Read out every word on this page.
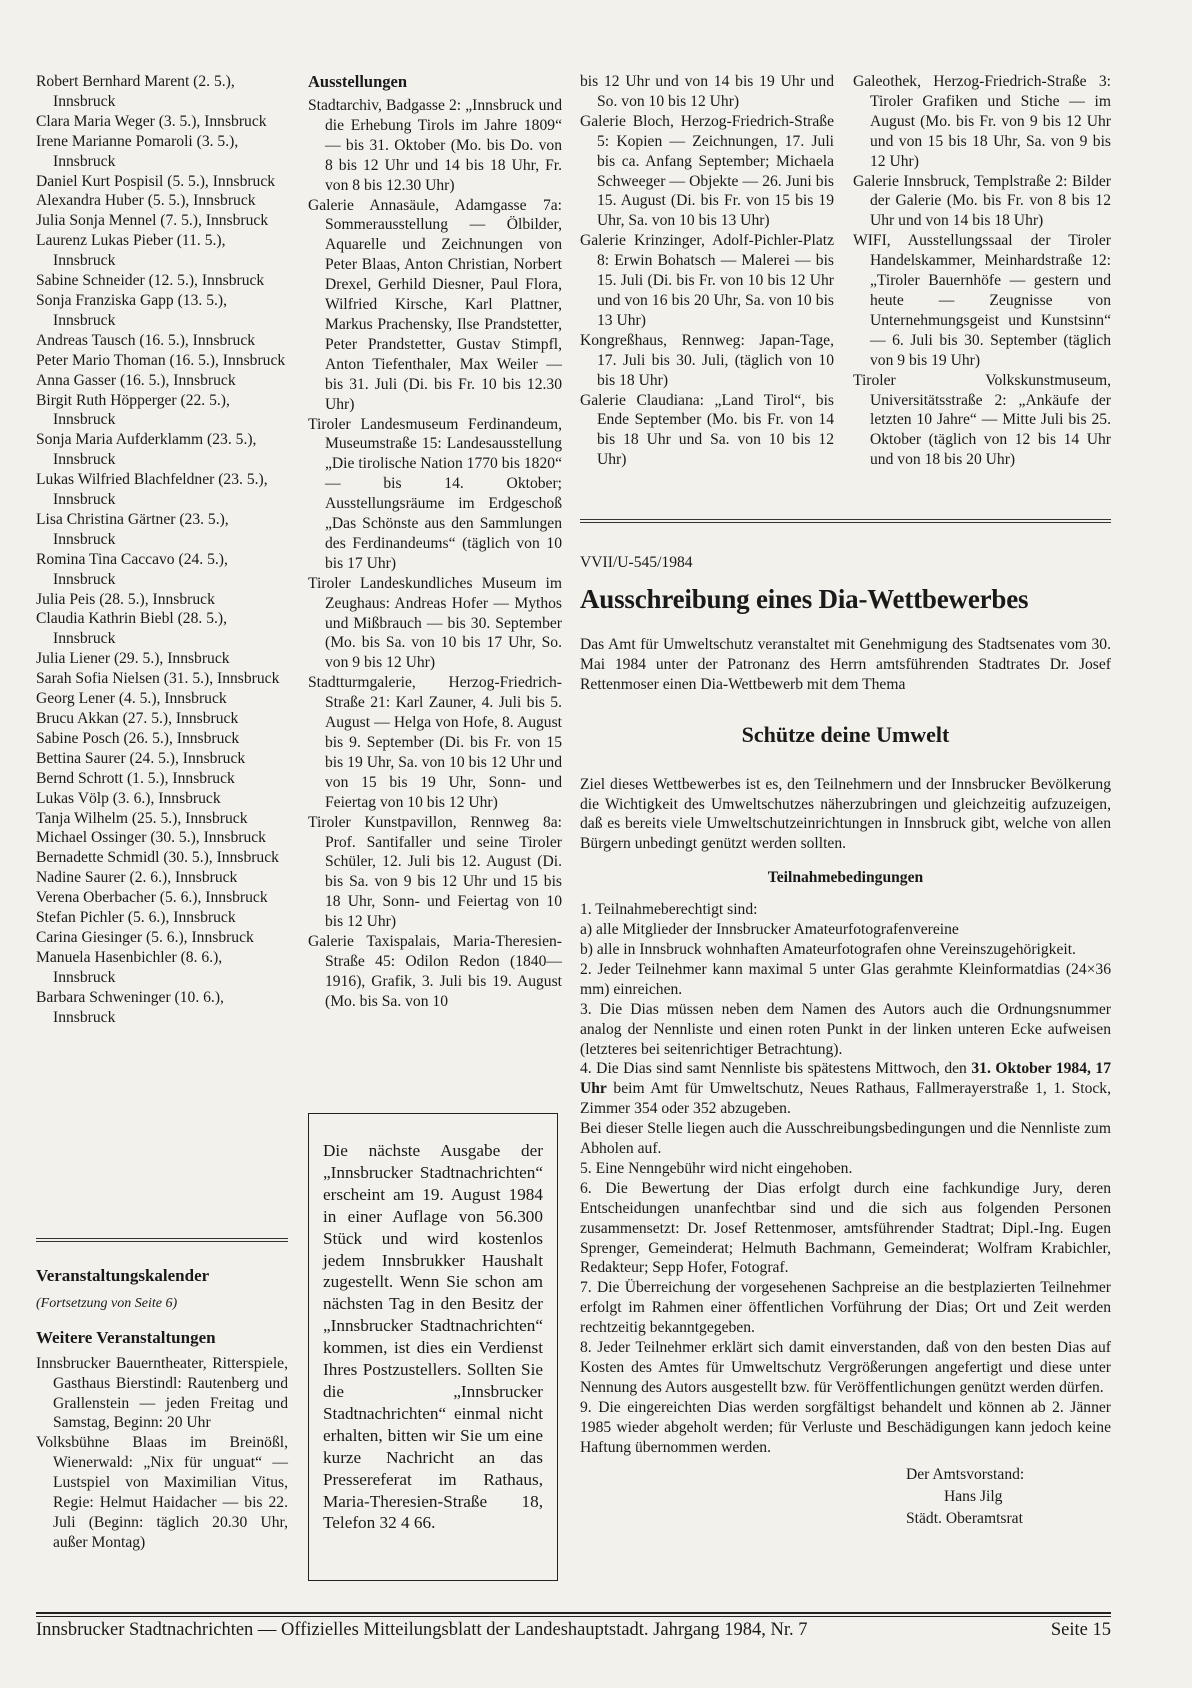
Robert Bernhard Marent (2. 5.), Innsbruck

Clara Maria Weger (3. 5.), Innsbruck

Irene Marianne Pomaroli (3. 5.), Innsbruck

Daniel Kurt Pospisil (5. 5.), Innsbruck

Alexandra Huber (5. 5.), Innsbruck

Julia Sonja Mennel (7. 5.), Innsbruck

Laurenz Lukas Pieber (11. 5.), Innsbruck

Sabine Schneider (12. 5.), Innsbruck

Sonja Franziska Gapp (13. 5.), Innsbruck

Andreas Tausch (16. 5.), Innsbruck

Peter Mario Thoman (16. 5.), Innsbruck

Anna Gasser (16. 5.), Innsbruck

Birgit Ruth Höpperger (22. 5.), Innsbruck

Sonja Maria Aufderklamm (23. 5.), Innsbruck

Lukas Wilfried Blachfeldner (23. 5.), Innsbruck

Lisa Christina Gärtner (23. 5.), Innsbruck

Romina Tina Caccavo (24. 5.), Innsbruck

Julia Peis (28. 5.), Innsbruck

Claudia Kathrin Biebl (28. 5.), Innsbruck

Julia Liener (29. 5.), Innsbruck

Sarah Sofia Nielsen (31. 5.), Innsbruck

Georg Lener (4. 5.), Innsbruck

Brucu Akkan (27. 5.), Innsbruck

Sabine Posch (26. 5.), Innsbruck

Bettina Saurer (24. 5.), Innsbruck

Bernd Schrott (1. 5.), Innsbruck

Lukas Völp (3. 6.), Innsbruck

Tanja Wilhelm (25. 5.), Innsbruck

Michael Ossinger (30. 5.), Innsbruck

Bernadette Schmidl (30. 5.), Innsbruck

Nadine Saurer (2. 6.), Innsbruck

Verena Oberbacher (5. 6.), Innsbruck

Stefan Pichler (5. 6.), Innsbruck

Carina Giesinger (5. 6.), Innsbruck

Manuela Hasenbichler (8. 6.), Innsbruck

Barbara Schweninger (10. 6.), Innsbruck

Veranstaltungskalender

(Fortsetzung von Seite 6)

Weitere Veranstaltungen

Innsbrucker Bauerntheater, Ritterspiele, Gasthaus Bierstindl: Rautenberg und Grallenstein — jeden Freitag und Samstag, Beginn: 20 Uhr

Volksbühne Blaas im Breinößl, Wienerwald: „Nix für unguat“ — Lustspiel von Maximilian Vitus, Regie: Helmut Haidacher — bis 22. Juli (Beginn: täglich 20.30 Uhr, außer Montag)

Ausstellungen

Stadtarchiv, Badgasse 2: „Innsbruck und die Erhebung Tirols im Jahre 1809“ — bis 31. Oktober (Mo. bis Do. von 8 bis 12 Uhr und 14 bis 18 Uhr, Fr. von 8 bis 12.30 Uhr)

Galerie Annasäule, Adamgasse 7a: Sommerausstellung — Ölbilder, Aquarelle und Zeichnungen von Peter Blaas, Anton Christian, Norbert Drexel, Gerhild Diesner, Paul Flora, Wilfried Kirsche, Karl Plattner, Markus Prachensky, Ilse Prandstetter, Peter Prandstetter, Gustav Stimpfl, Anton Tiefenthaler, Max Weiler — bis 31. Juli (Di. bis Fr. 10 bis 12.30 Uhr)

Tiroler Landesmuseum Ferdinandeum, Museumstraße 15: Landesausstellung „Die tirolische Nation 1770 bis 1820“ — bis 14. Oktober; Ausstellungsräume im Erdgeschoß „Das Schönste aus den Sammlungen des Ferdinandeums“ (täglich von 10 bis 17 Uhr)

Tiroler Landeskundliches Museum im Zeughaus: Andreas Hofer — Mythos und Mißbrauch — bis 30. September (Mo. bis Sa. von 10 bis 17 Uhr, So. von 9 bis 12 Uhr)

Stadtturmgalerie, Herzog-Friedrich-Straße 21: Karl Zauner, 4. Juli bis 5. August — Helga von Hofe, 8. August bis 9. September (Di. bis Fr. von 15 bis 19 Uhr, Sa. von 10 bis 12 Uhr und von 15 bis 19 Uhr, Sonn- und Feiertag von 10 bis 12 Uhr)

Tiroler Kunstpavillon, Rennweg 8a: Prof. Santifaller und seine Tiroler Schüler, 12. Juli bis 12. August (Di. bis Sa. von 9 bis 12 Uhr und 15 bis 18 Uhr, Sonn- und Feiertag von 10 bis 12 Uhr)

Galerie Taxispalais, Maria-Theresien-Straße 45: Odilon Redon (1840—1916), Grafik, 3. Juli bis 19. August (Mo. bis Sa. von 10

Die nächste Ausgabe der „Innsbrucker Stadtnachrichten“ erscheint am 19. August 1984 in einer Auflage von 56.300 Stück und wird kostenlos jedem Innsbrukker Haushalt zugestellt. Wenn Sie schon am nächsten Tag in den Besitz der „Innsbrucker Stadtnachrichten“ kommen, ist dies ein Verdienst Ihres Postzustellers. Sollten Sie die „Innsbrucker Stadtnachrichten“ einmal nicht erhalten, bitten wir Sie um eine kurze Nachricht an das Pressereferat im Rathaus, Maria-Theresien-Straße 18, Telefon 32 4 66.

bis 12 Uhr und von 14 bis 19 Uhr und So. von 10 bis 12 Uhr)

Galerie Bloch, Herzog-Friedrich-Straße 5: Kopien — Zeichnungen, 17. Juli bis ca. Anfang September; Michaela Schweeger — Objekte — 26. Juni bis 15. August (Di. bis Fr. von 15 bis 19 Uhr, Sa. von 10 bis 13 Uhr)

Galerie Krinzinger, Adolf-Pichler-Platz 8: Erwin Bohatsch — Malerei — bis 15. Juli (Di. bis Fr. von 10 bis 12 Uhr und von 16 bis 20 Uhr, Sa. von 10 bis 13 Uhr)

Kongreßhaus, Rennweg: Japan-Tage, 17. Juli bis 30. Juli, (täglich von 10 bis 18 Uhr)

Galerie Claudiana: „Land Tirol“, bis Ende September (Mo. bis Fr. von 14 bis 18 Uhr und Sa. von 10 bis 12 Uhr)

Galeothek, Herzog-Friedrich-Straße 3: Tiroler Grafiken und Stiche — im August (Mo. bis Fr. von 9 bis 12 Uhr und von 15 bis 18 Uhr, Sa. von 9 bis 12 Uhr)

Galerie Innsbruck, Templstraße 2: Bilder der Galerie (Mo. bis Fr. von 8 bis 12 Uhr und von 14 bis 18 Uhr)

WIFI, Ausstellungssaal der Tiroler Handelskammer, Meinhardstraße 12: „Tiroler Bauernhöfe — gestern und heute — Zeugnisse von Unternehmungsgeist und Kunstsinn“ — 6. Juli bis 30. September (täglich von 9 bis 19 Uhr)

Tiroler Volkskunstmuseum, Universitätsstraße 2: „Ankäufe der letzten 10 Jahre“ — Mitte Juli bis 25. Oktober (täglich von 12 bis 14 Uhr und von 18 bis 20 Uhr)

VVII/U-545/1984

Ausschreibung eines Dia-Wettbewerbes

Das Amt für Umweltschutz veranstaltet mit Genehmigung des Stadtsenates vom 30. Mai 1984 unter der Patronanz des Herrn amtsführenden Stadtrates Dr. Josef Rettenmoser einen Dia-Wettbewerb mit dem Thema

Schütze deine Umwelt

Ziel dieses Wettbewerbes ist es, den Teilnehmern und der Innsbrucker Bevölkerung die Wichtigkeit des Umweltschutzes näherzubringen und gleichzeitig aufzuzeigen, daß es bereits viele Umweltschutzeinrichtungen in Innsbruck gibt, welche von allen Bürgern unbedingt genützt werden sollten.

Teilnahmebedingungen

1. Teilnahmeberechtigt sind:

a) alle Mitglieder der Innsbrucker Amateurfotografenvereine

b) alle in Innsbruck wohnhaften Amateurfotografen ohne Vereinszugehörigkeit.

2. Jeder Teilnehmer kann maximal 5 unter Glas gerahmte Kleinformatdias (24×36 mm) einreichen.

3. Die Dias müssen neben dem Namen des Autors auch die Ordnungsnummer analog der Nennliste und einen roten Punkt in der linken unteren Ecke aufweisen (letzteres bei seitenrichtiger Betrachtung).

4. Die Dias sind samt Nennliste bis spätestens Mittwoch, den 31. Oktober 1984, 17 Uhr beim Amt für Umweltschutz, Neues Rathaus, Fallmerayerstraße 1, 1. Stock, Zimmer 354 oder 352 abzugeben.

Bei dieser Stelle liegen auch die Ausschreibungsbedingungen und die Nennliste zum Abholen auf.

5. Eine Nenngebühr wird nicht eingehoben.

6. Die Bewertung der Dias erfolgt durch eine fachkundige Jury, deren Entscheidungen unanfechtbar sind und die sich aus folgenden Personen zusammensetzt: Dr. Josef Rettenmoser, amtsführender Stadtrat; Dipl.-Ing. Eugen Sprenger, Gemeinderat; Helmuth Bachmann, Gemeinderat; Wolfram Krabichler, Redakteur; Sepp Hofer, Fotograf.

7. Die Überreichung der vorgesehenen Sachpreise an die bestplazierten Teilnehmer erfolgt im Rahmen einer öffentlichen Vorführung der Dias; Ort und Zeit werden rechtzeitig bekanntgegeben.

8. Jeder Teilnehmer erklärt sich damit einverstanden, daß von den besten Dias auf Kosten des Amtes für Umweltschutz Vergrößerungen angefertigt und diese unter Nennung des Autors ausgestellt bzw. für Veröffentlichungen genützt werden dürfen.

9. Die eingereichten Dias werden sorgfältigst behandelt und können ab 2. Jänner 1985 wieder abgeholt werden; für Verluste und Beschädigungen kann jedoch keine Haftung übernommen werden.

Der Amtsvorstand:
Hans Jilg
Städt. Oberamtsrat
Innsbrucker Stadtnachrichten — Offizielles Mitteilungsblatt der Landeshauptstadt. Jahrgang 1984, Nr. 7	Seite 15
